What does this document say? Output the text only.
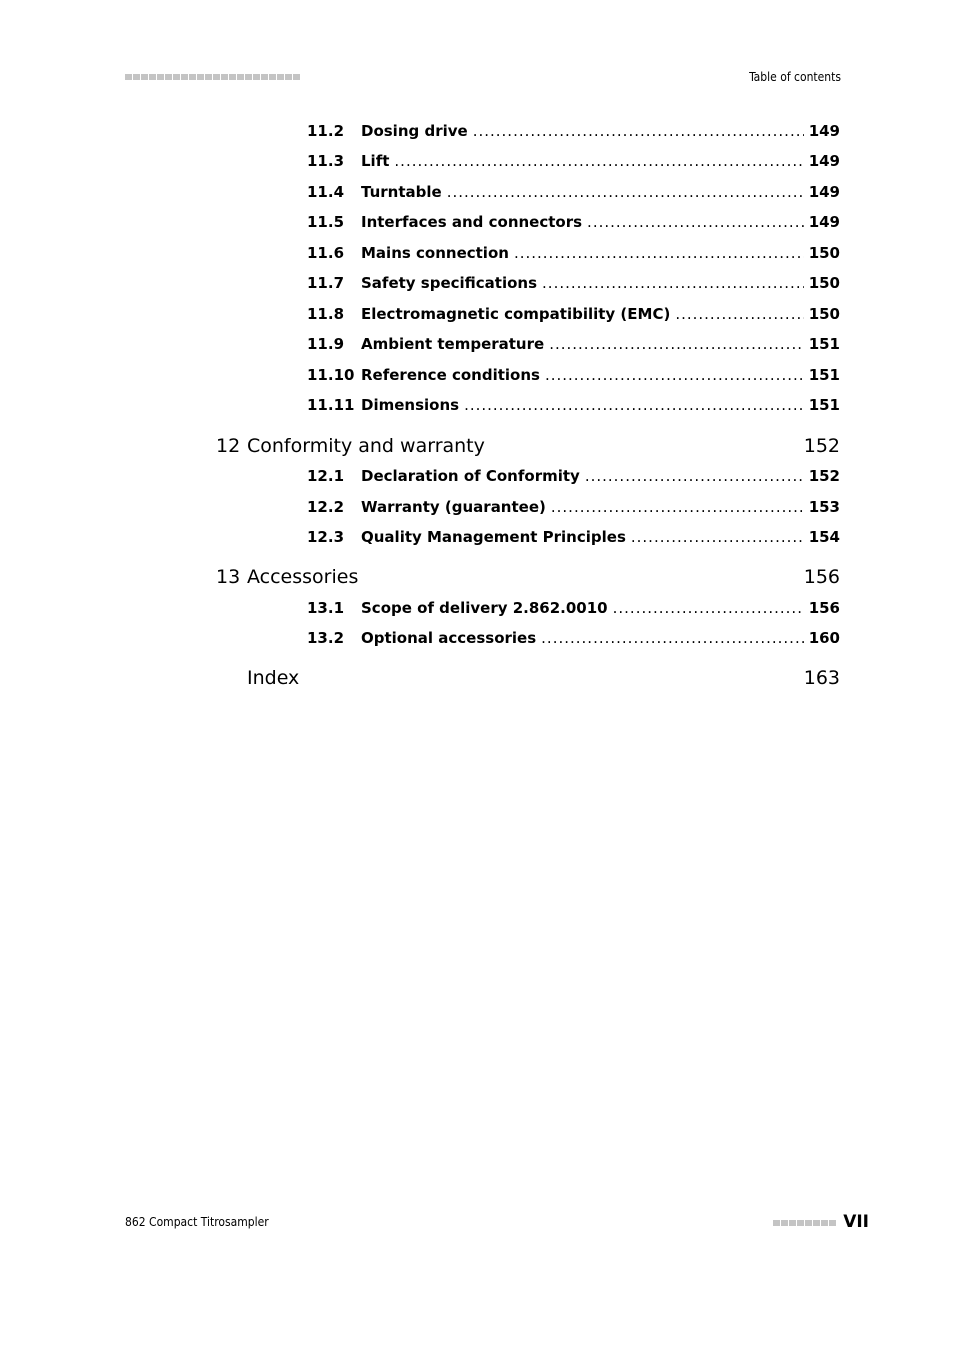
Table of contents
11.2	Dosing drive .....	149
11.3	Lift .....	149
11.4	Turntable .....	149
11.5	Interfaces and connectors .....	149
11.6	Mains connection .....	150
11.7	Safety specifications .....	150
11.8	Electromagnetic compatibility (EMC) .....	150
11.9	Ambient temperature .....	151
11.10 Reference conditions .....	151
11.11 Dimensions .....	151
12 Conformity and warranty	152
12.1	Declaration of Conformity .....	152
12.2	Warranty (guarantee) .....	153
12.3	Quality Management Principles .....	154
13 Accessories	156
13.1	Scope of delivery 2.862.0010 .....	156
13.2	Optional accessories .....	160
Index	163
862 Compact Titrosampler	VII
